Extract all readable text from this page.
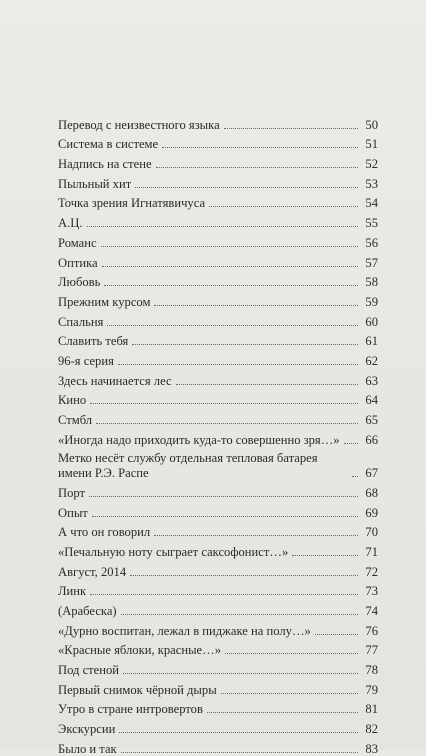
Перевод с неизвестного языка	50
Система в системе	51
Надпись на стене	52
Пыльный хит	53
Точка зрения Игнатявичуса	54
А.Ц.	55
Романс	56
Оптика	57
Любовь	58
Прежним курсом	59
Спальня	60
Славить тебя	61
96-я серия	62
Здесь начинается лес	63
Кино	64
Стмбл	65
«Иногда надо приходить куда-то совершенно зря…» 66
Метко несёт службу отдельная тепловая батарея имени Р.Э. Распе	67
Порт	68
Опыт	69
А что он говорил	70
«Печальную ноту сыграет саксофонист…»	71
Август, 2014	72
Линк	73
(Арабеска)	74
«Дурно воспитан, лежал в пиджаке на полу…»	76
«Красные яблоки, красные…»	77
Под стеной	78
Первый снимок чёрной дыры	79
Утро в стране интровертов	81
Экскурсии	82
Было и так	83
